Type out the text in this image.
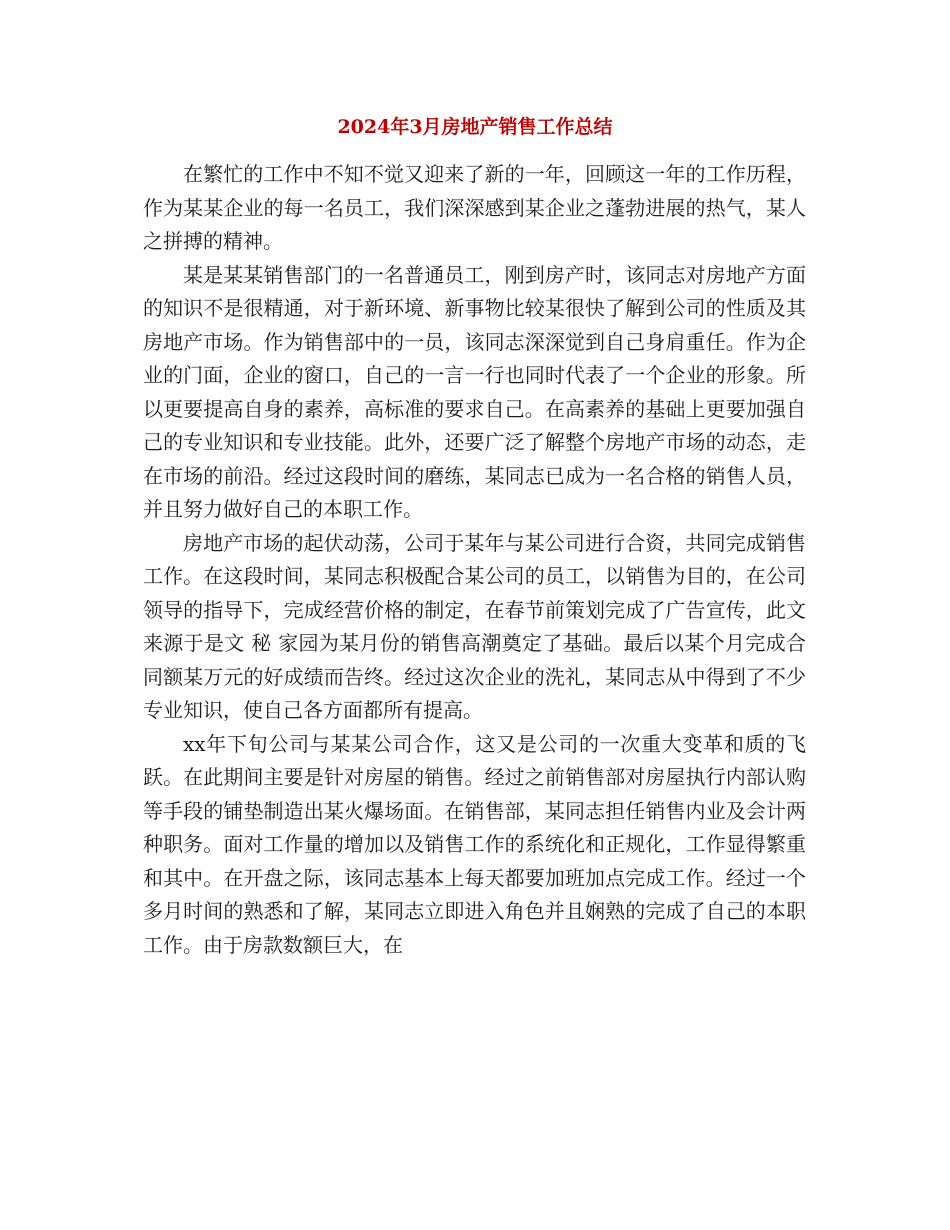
2024年3月房地产销售工作总结

在繁忙的工作中不知不觉又迎来了新的一年，回顾这一年的工作历程，作为某某企业的每一名员工，我们深深感到某企业之蓬勃进展的热气，某人之拼搏的精神。

某是某某销售部门的一名普通员工，刚到房产时，该同志对房地产方面的知识不是很精通，对于新环境、新事物比较某很快了解到公司的性质及其房地产市场。作为销售部中的一员，该同志深深觉到自己身肩重任。作为企业的门面，企业的窗口，自己的一言一行也同时代表了一个企业的形象。所以更要提高自身的素养，高标准的要求自己。在高素养的基础上更要加强自己的专业知识和专业技能。此外，还要广泛了解整个房地产市场的动态，走在市场的前沿。经过这段时间的磨练，某同志已成为一名合格的销售人员，并且努力做好自己的本职工作。

房地产市场的起伏动荡，公司于某年与某公司进行合资，共同完成销售工作。在这段时间，某同志积极配合某公司的员工，以销售为目的，在公司领导的指导下，完成经营价格的制定，在春节前策划完成了广告宣传，此文来源于是文 秘 家园为某月份的销售高潮奠定了基础。最后以某个月完成合同额某万元的好成绩而告终。经过这次企业的洗礼，某同志从中得到了不少专业知识，使自己各方面都所有提高。

xx年下旬公司与某某公司合作，这又是公司的一次重大变革和质的飞跃。在此期间主要是针对房屋的销售。经过之前销售部对房屋执行内部认购等手段的铺垫制造出某火爆场面。在销售部，某同志担任销售内业及会计两种职务。面对工作量的增加以及销售工作的系统化和正规化，工作显得繁重和其中。在开盘之际，该同志基本上每天都要加班加点完成工作。经过一个多月时间的熟悉和了解，某同志立即进入角色并且娴熟的完成了自己的本职工作。由于房款数额巨大，在
